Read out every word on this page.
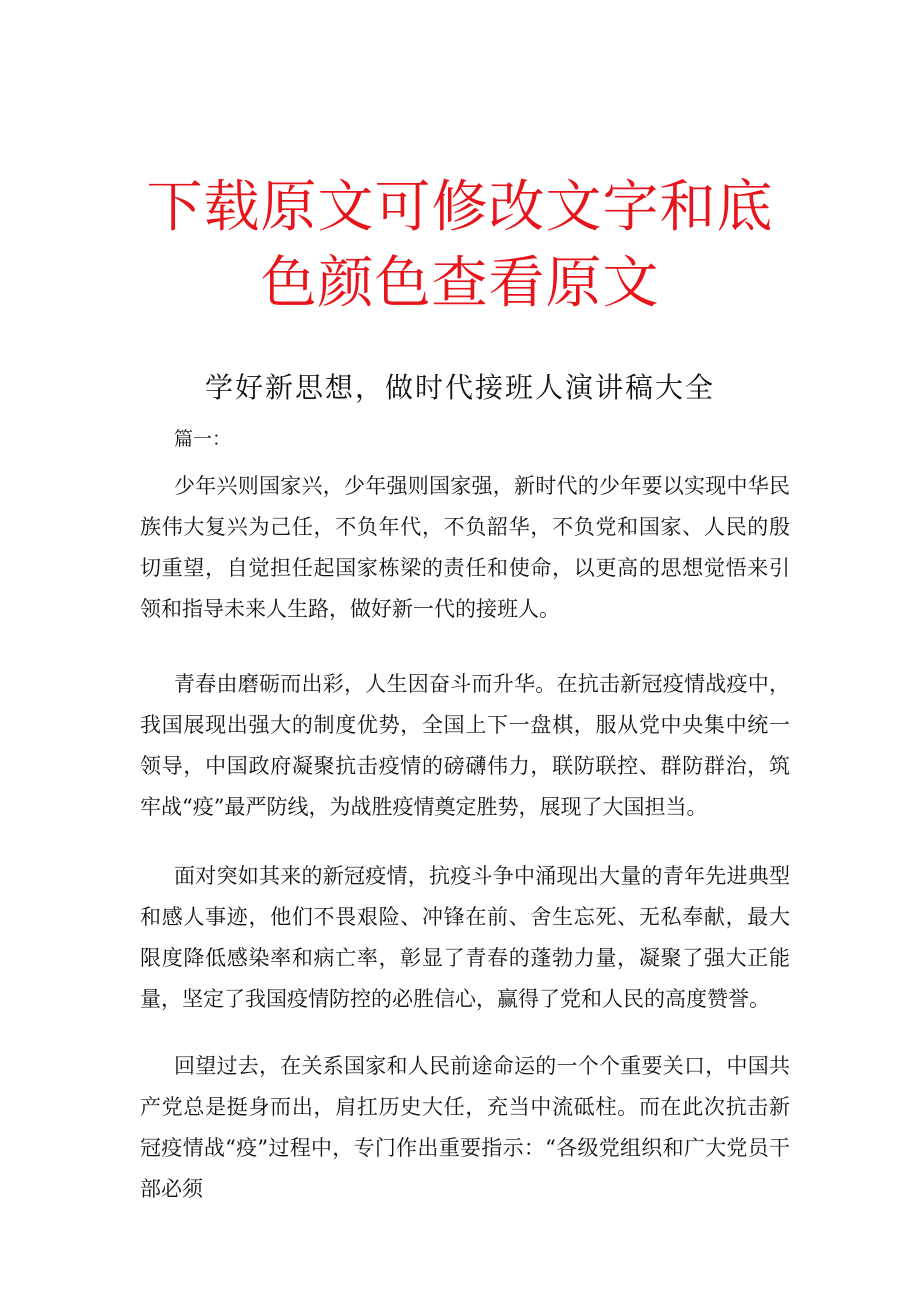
下载原文可修改文字和底色颜色查看原文
学好新思想，做时代接班人演讲稿大全
篇一：

少年兴则国家兴，少年强则国家强，新时代的少年要以实现中华民族伟大复兴为己任，不负年代，不负韶华，不负党和国家、人民的殷切重望，自觉担任起国家栋梁的责任和使命，以更高的思想觉悟来引领和指导未来人生路，做好新一代的接班人。

青春由磨砺而出彩，人生因奋斗而升华。在抗击新冠疫情战疫中，我国展现出强大的制度优势，全国上下一盘棋，服从党中央集中统一领导，中国政府凝聚抗击疫情的磅礴伟力，联防联控、群防群治，筑牢战“疫”最严防线，为战胜疫情奠定胜势，展现了大国担当。

面对突如其来的新冠疫情，抗疫斗争中涌现出大量的青年先进典型和感人事迹，他们不畏艰险、冲锋在前、舍生忘死、无私奉献，最大限度降低感染率和病亡率，彰显了青春的蓬勃力量，凝聚了强大正能量，坚定了我国疫情防控的必胜信心，赢得了党和人民的高度赞誉。

回望过去，在关系国家和人民前途命运的一个个重要关口，中国共产党总是挺身而出，肩扛历史大任，充当中流砥柱。而在此次抗击新冠疫情战“疫”过程中，专门作出重要指示：“各级党组织和广大党员干部必须
